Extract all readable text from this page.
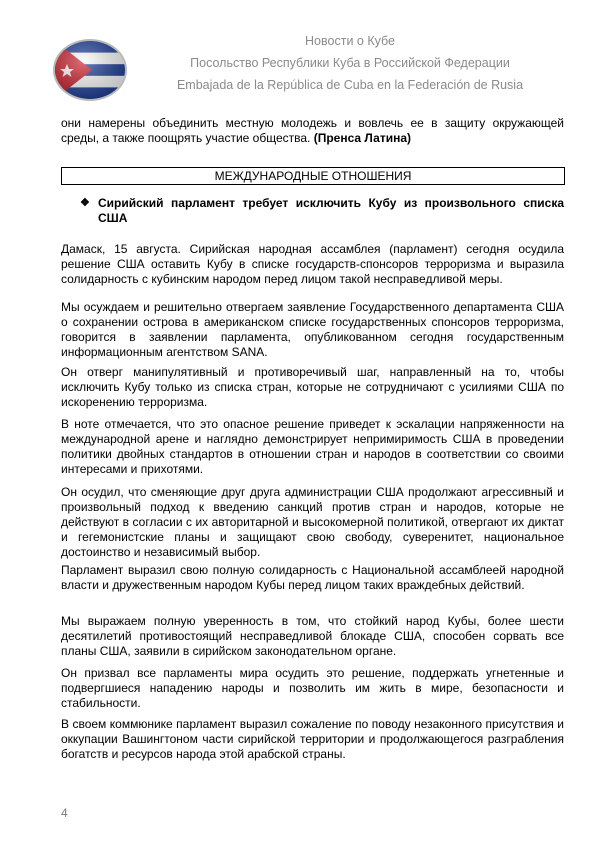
Новости о Кубе
Посольство Республики Куба в Российской Федерации
Embajada de la República de Cuba en la Federación de Rusia
они намерены объединить местную молодежь и вовлечь ее в защиту окружающей среды, а также поощрять участие общества. (Пренса Латина)
МЕЖДУНАРОДНЫЕ ОТНОШЕНИЯ
❖ Сирийский парламент требует исключить Кубу из произвольного списка США
Дамаск, 15 августа. Сирийская народная ассамблея (парламент) сегодня осудила решение США оставить Кубу в списке государств-спонсоров терроризма и выразила солидарность с кубинским народом перед лицом такой несправедливой меры.
Мы осуждаем и решительно отвергаем заявление Государственного департамента США о сохранении острова в американском списке государственных спонсоров терроризма, говорится в заявлении парламента, опубликованном сегодня государственным информационным агентством SANA.
Он отверг манипулятивный и противоречивый шаг, направленный на то, чтобы исключить Кубу только из списка стран, которые не сотрудничают с усилиями США по искоренению терроризма.
В ноте отмечается, что это опасное решение приведет к эскалации напряженности на международной арене и наглядно демонстрирует непримиримость США в проведении политики двойных стандартов в отношении стран и народов в соответствии со своими интересами и прихотями.
Он осудил, что сменяющие друг друга администрации США продолжают агрессивный и произвольный подход к введению санкций против стран и народов, которые не действуют в согласии с их авторитарной и высокомерной политикой, отвергают их диктат и гегемонистские планы и защищают свою свободу, суверенитет, национальное достоинство и независимый выбор.
Парламент выразил свою полную солидарность с Национальной ассамблеей народной власти и дружественным народом Кубы перед лицом таких враждебных действий.
Мы выражаем полную уверенность в том, что стойкий народ Кубы, более шести десятилетий противостоящий несправедливой блокаде США, способен сорвать все планы США, заявили в сирийском законодательном органе.
Он призвал все парламенты мира осудить это решение, поддержать угнетенные и подвергшиеся нападению народы и позволить им жить в мире, безопасности и стабильности.
В своем коммюнике парламент выразил сожаление по поводу незаконного присутствия и оккупации Вашингтоном части сирийской территории и продолжающегося разграбления богатств и ресурсов народа этой арабской страны.
4
